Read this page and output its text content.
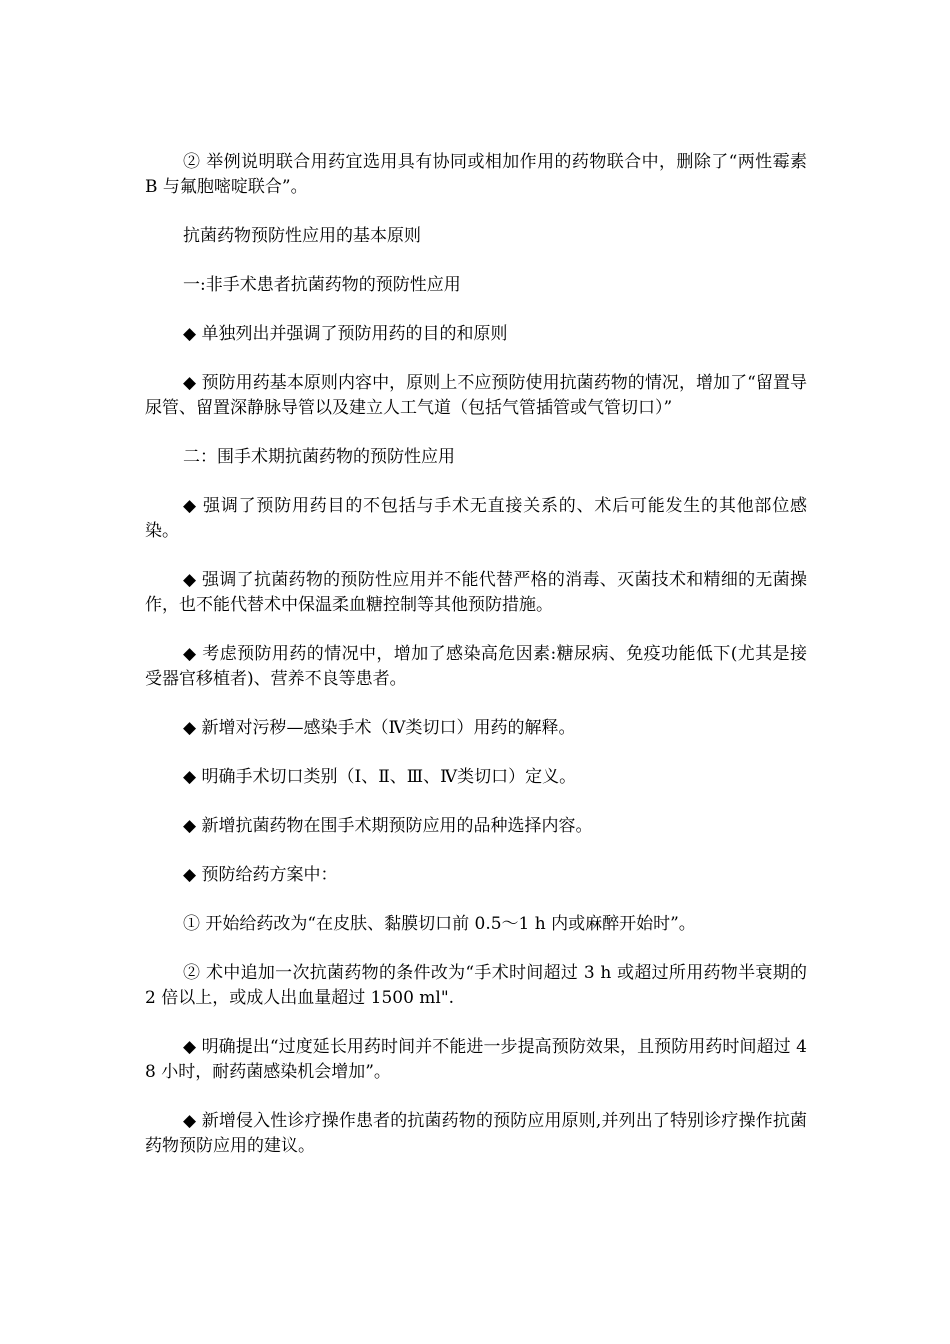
② 举例说明联合用药宜选用具有协同或相加作用的药物联合中，删除了“两性霉素 B 与氟胞嘧啶联合”。

抗菌药物预防性应用的基本原则

一:非手术患者抗菌药物的预防性应用

◆ 单独列出并强调了预防用药的目的和原则

◆ 预防用药基本原则内容中，原则上不应预防使用抗菌药物的情况，增加了“留置导尿管、留置深静脉导管以及建立人工气道（包括气管插管或气管切口）”

二：围手术期抗菌药物的预防性应用

◆ 强调了预防用药目的不包括与手术无直接关系的、术后可能发生的其他部位感染。

◆ 强调了抗菌药物的预防性应用并不能代替严格的消毒、灭菌技术和精细的无菌操作，也不能代替术中保温柔血糖控制等其他预防措施。

◆ 考虑预防用药的情况中，增加了感染高危因素:糖尿病、免疫功能低下(尤其是接受器官移植者)、营养不良等患者。

◆ 新增对污秽—感染手术（Ⅳ类切口）用药的解释。

◆ 明确手术切口类别（Ⅰ、Ⅱ、Ⅲ、Ⅳ类切口）定义。

◆ 新增抗菌药物在围手术期预防应用的品种选择内容。

◆ 预防给药方案中：

① 开始给药改为“在皮肤、黏膜切口前 0.5～1 h 内或麻醉开始时”。

② 术中追加一次抗菌药物的条件改为“手术时间超过 3 h 或超过所用药物半衰期的 2 倍以上，或成人出血量超过 1500 ml".

◆ 明确提出“过度延长用药时间并不能进一步提高预防效果，且预防用药时间超过 48 小时，耐药菌感染机会增加”。

◆ 新增侵入性诊疗操作患者的抗菌药物的预防应用原则,并列出了特别诊疗操作抗菌药物预防应用的建议。
